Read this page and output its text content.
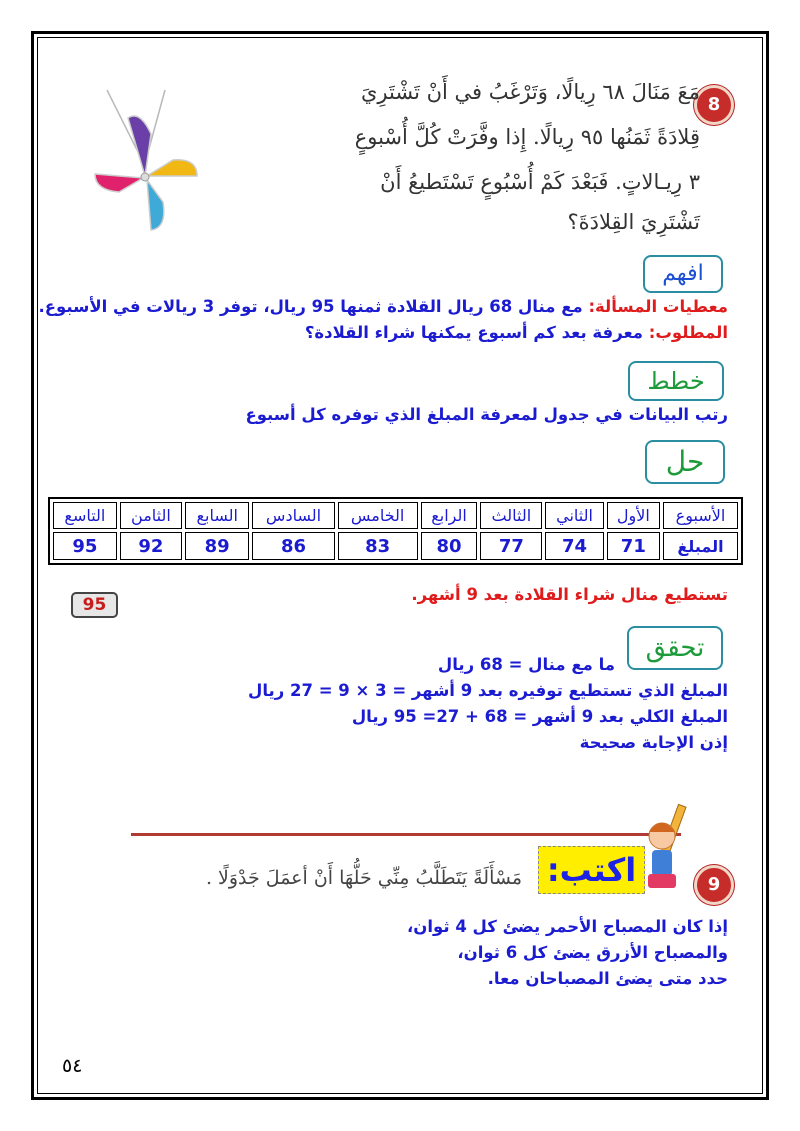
8
مَعَ مَنَالَ ٦٨ رِيالًا، وَتَرْغَبُ في أَنْ تَشْتَرِيَ
قِلادَةً ثَمَنُها ٩٥ رِيالًا. إِذا وفَّرَتْ كُلَّ أُسْبوعٍ
٣ رِيـالاتٍ. فَبَعْدَ كَمْ أُسْبُوعٍ تَسْتَطيعُ أَنْ
تَشْتَرِيَ القِلادَةَ؟
افهم
معطيات المسألة: مع منال 68 ريال القلادة ثمنها 95 ريال، توفر 3 ريالات في الأسبوع.
المطلوب: معرفة بعد كم أسبوع يمكنها شراء القلادة؟
خطط
رتب البيانات في جدول لمعرفة المبلغ الذي توفره كل أسبوع
حل
الأسبوع	الأول	الثاني	الثالث	الرابع	الخامس	السادس	السابع	الثامن	التاسع
المبلغ	71	74	77	80	83	86	89	92	95
تستطيع منال شراء القلادة بعد 9 أشهر.
95
تحقق
ما مع منال = 68 ريال
المبلغ الذي تستطيع توفيره بعد 9 أشهر = 3 × 9 = 27 ريال
المبلغ الكلي بعد 9 أشهر = 68 + 27= 95 ريال
إذن الإجابة صحيحة
اكتب:	9
مَسْأَلَةً يَتَطَلَّبُ مِنِّي حَلُّهَا أَنْ أعمَلَ جَدْوَلًا .
إذا كان المصباح الأحمر يضئ كل 4 ثوان،
والمصباح الأزرق يضئ كل 6 ثوان،
حدد متى يضئ المصباحان معا.
٥٤
